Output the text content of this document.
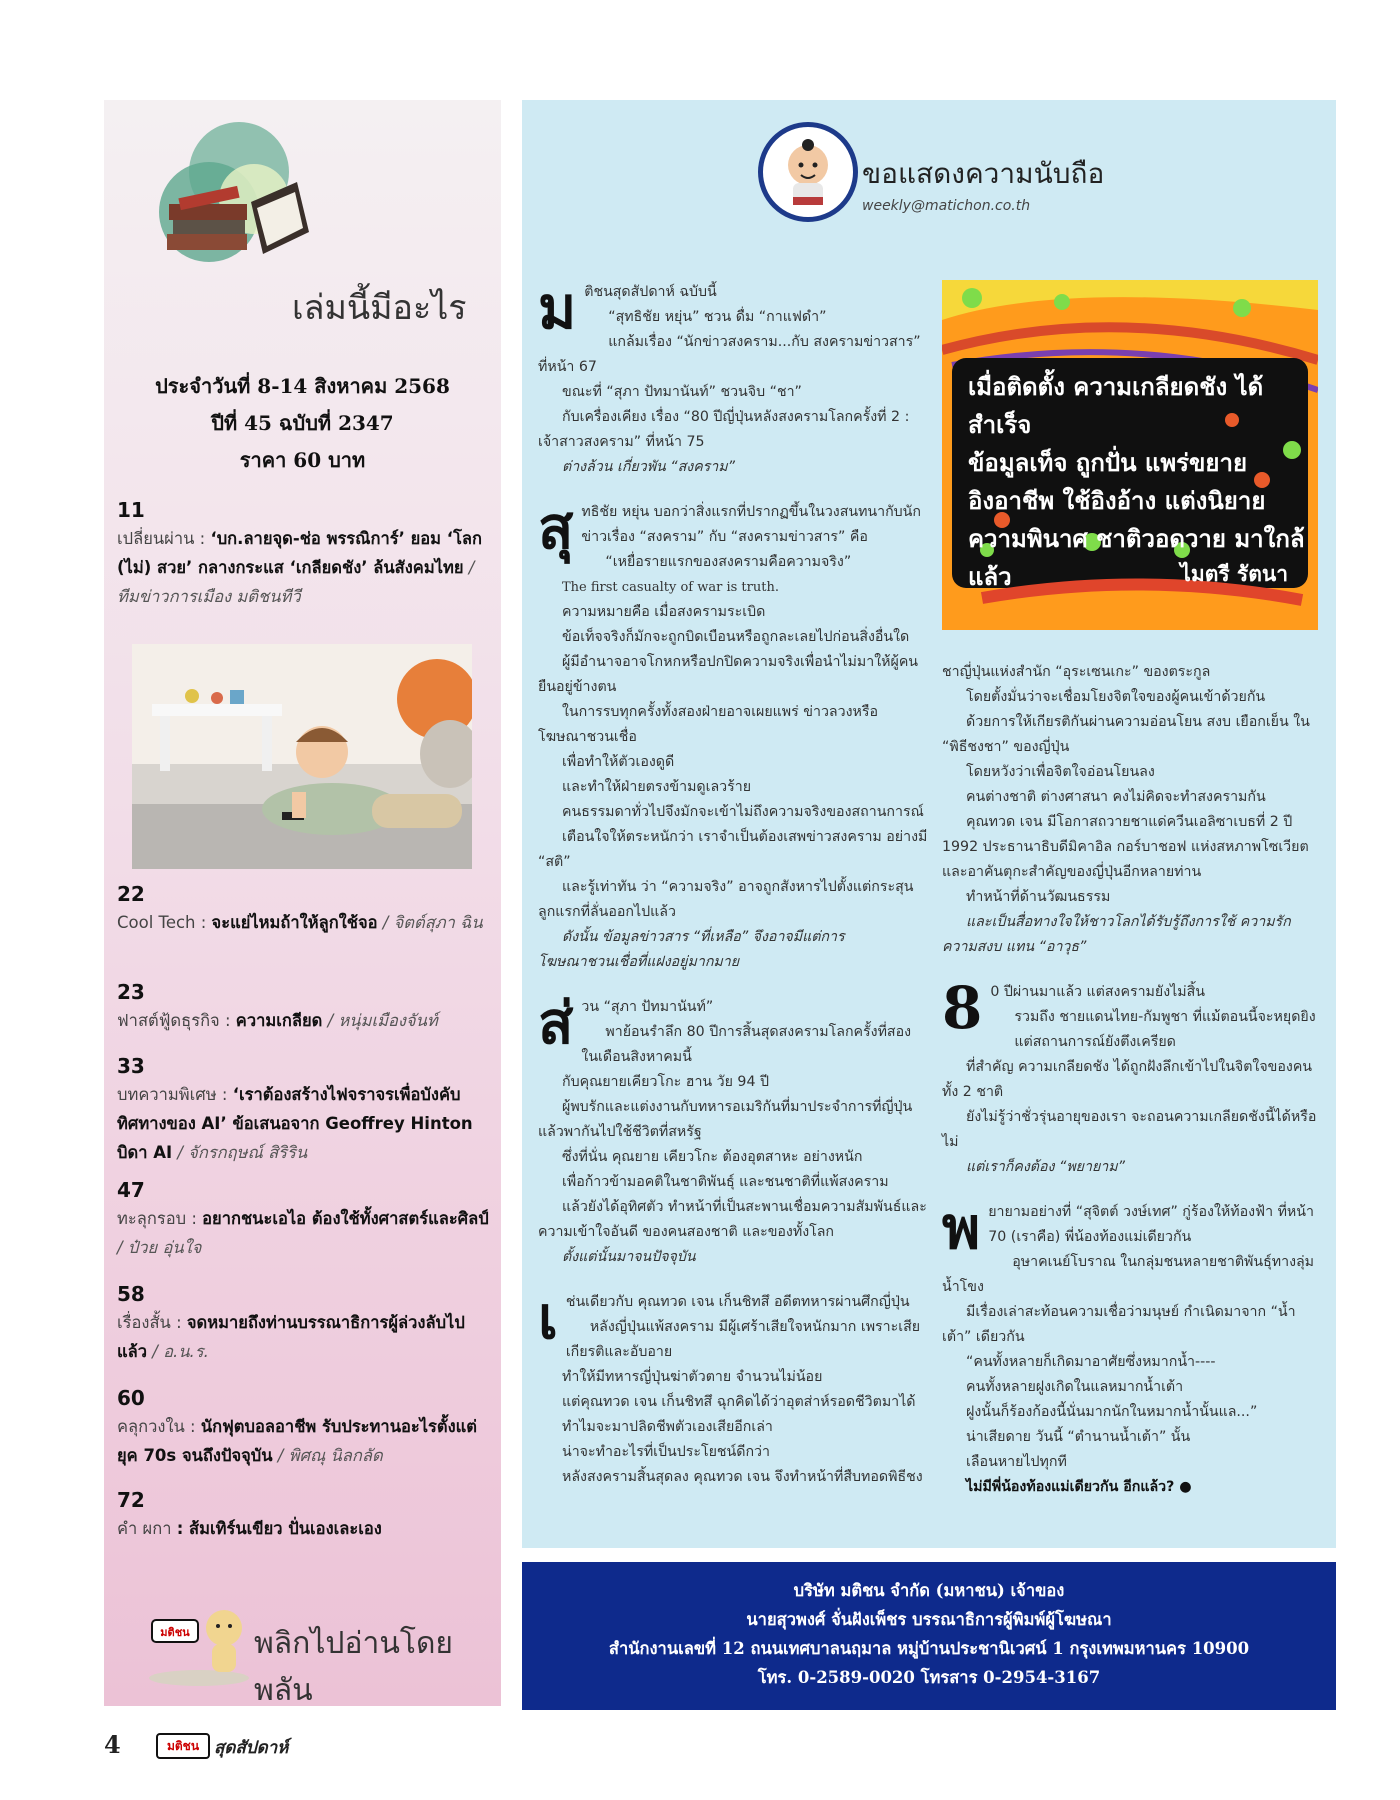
เล่มนี้มีอะไร
ประจำวันที่ 8-14 สิงหาคม 2568
ปีที่ 45 ฉบับที่ 2347
ราคา 60 บาท
11
เปลี่ยนผ่าน : ‘บก.ลายจุด-ช่อ พรรณิการ์’ ยอม ‘โลก (ไม่) สวย’ กลางกระแส ‘เกลียดชัง’ ล้นสังคมไทย / ทีมข่าวการเมือง มติชนทีวี
22
Cool Tech : จะแย่ไหมถ้าให้ลูกใช้จอ / จิตต์สุภา ฉิน
23
ฟาสต์ฟู้ดธุรกิจ : ความเกลียด / หนุ่มเมืองจันท์
33
บทความพิเศษ : ‘เราต้องสร้างไฟจราจรเพื่อบังคับทิศทางของ AI’ ข้อเสนอจาก Geoffrey Hinton บิดา AI / จักรกฤษณ์ สิริริน
47
ทะลุกรอบ : อยากชนะเอไอ ต้องใช้ทั้งศาสตร์และศิลป์ / ป๋วย อุ่นใจ
58
เรื่องสั้น : จดหมายถึงท่านบรรณาธิการผู้ล่วงลับไปแล้ว / อ.น.ร.
60
คลุกวงใน : นักฟุตบอลอาชีพ รับประทานอะไรตั้งแต่ยุค 70s จนถึงปัจจุบัน / พิศณุ นิลกลัด
72
คำ ผกา : ส้มเทิร์นเขียว ปั่นเองเละเอง
มติชน พลิกไปอ่านโดยพลัน
ขอแสดงความนับถือ
weekly@matichon.co.th
ม ติชนสุดสัปดาห์ ฉบับนี้

“สุทธิชัย หยุ่น” ชวน ดื่ม “กาแฟดำ”

แกล้มเรื่อง “นักข่าวสงคราม...กับ สงครามข่าวสาร” ที่หน้า 67

ขณะที่ “สุภา ปัทมานันท์” ชวนจิบ “ชา”

กับเครื่องเคียง เรื่อง “80 ปีญี่ปุ่นหลังสงครามโลกครั้งที่ 2 : เจ้าสาวสงคราม” ที่หน้า 75

ต่างล้วน เกี่ยวพัน “สงคราม”

สุ ทธิชัย หยุ่น บอกว่าสิ่งแรกที่ปรากฏขึ้นในวงสนทนากับนักข่าวเรื่อง “สงคราม” กับ “สงครามข่าวสาร” คือ

“เหยื่อรายแรกของสงครามคือความจริง”

The first casualty of war is truth.

ความหมายคือ เมื่อสงครามระเบิด

ข้อเท็จจริงก็มักจะถูกบิดเบือนหรือถูกละเลยไปก่อนสิ่งอื่นใด

ผู้มีอำนาจอาจโกหกหรือปกปิดความจริงเพื่อนำไม่มาให้ผู้คนยืนอยู่ข้างตน

ในการรบทุกครั้งทั้งสองฝ่ายอาจเผยแพร่ ข่าวลวงหรือโฆษณาชวนเชื่อ

เพื่อทำให้ตัวเองดูดี

และทำให้ฝ่ายตรงข้ามดูเลวร้าย

คนธรรมดาทั่วไปจึงมักจะเข้าไม่ถึงความจริงของสถานการณ์

เตือนใจให้ตระหนักว่า เราจำเป็นต้องเสพข่าวสงคราม อย่างมี “สติ”

และรู้เท่าทัน ว่า “ความจริง” อาจถูกสังหารไปตั้งแต่กระสุนลูกแรกที่ลั่นออกไปแล้ว

ดังนั้น ข้อมูลข่าวสาร “ที่เหลือ” จึงอาจมีแต่การโฆษณาชวนเชื่อที่แฝงอยู่มากมาย

ส่ วน “สุภา ปัทมานันท์”

พาย้อนรำลึก 80 ปีการสิ้นสุดสงครามโลกครั้งที่สอง ในเดือนสิงหาคมนี้

กับคุณยายเคียวโกะ ฮาน วัย 94 ปี

ผู้พบรักและแต่งงานกับทหารอเมริกันที่มาประจำการที่ญี่ปุ่นแล้วพากันไปใช้ชีวิตที่สหรัฐ

ซึ่งที่นั่น คุณยาย เคียวโกะ ต้องอุตสาหะ อย่างหนัก

เพื่อก้าวข้ามอคติในชาติพันธุ์ และชนชาติที่แพ้สงคราม

แล้วยังได้อุทิศตัว ทำหน้าที่เป็นสะพานเชื่อมความสัมพันธ์และความเข้าใจอันดี ของคนสองชาติ และของทั้งโลก

ตั้งแต่นั้นมาจนปัจจุบัน

เ ช่นเดียวกับ คุณทวด เจน เก็นชิทสึ อดีตทหารผ่านศึกญี่ปุ่น

หลังญี่ปุ่นแพ้สงคราม มีผู้เศร้าเสียใจหนักมาก เพราะเสียเกียรติและอับอาย

ทำให้มีทหารญี่ปุ่นฆ่าตัวตาย จำนวนไม่น้อย

แต่คุณทวด เจน เก็นชิทสึ ฉุกคิดได้ว่าอุตส่าห์รอดชีวิตมาได้

ทำไมจะมาปลิดชีพตัวเองเสียอีกเล่า

น่าจะทำอะไรที่เป็นประโยชน์ดีกว่า

หลังสงครามสิ้นสุดลง คุณทวด เจน จึงทำหน้าที่สืบทอดพิธีชง

เมื่อติดตั้ง ความเกลียดชัง ได้สำเร็จ
ข้อมูลเท็จ ถูกปั่น แพร่ขยาย
อิงอาชีพ ใช้อิงอ้าง แต่งนิยาย
ความพินาศ ชาติวอดวาย มาใกล้แล้ว	ไมตรี รัตนา

ชาญี่ปุ่นแห่งสำนัก “อุระเซนเกะ” ของตระกูล

โดยตั้งมั่นว่าจะเชื่อมโยงจิตใจของผู้คนเข้าด้วยกัน

ด้วยการให้เกียรติกันผ่านความอ่อนโยน สงบ เยือกเย็น ใน “พิธีชงชา” ของญี่ปุ่น

โดยหวังว่าเพื่อจิตใจอ่อนโยนลง

คนต่างชาติ ต่างศาสนา คงไม่คิดจะทำสงครามกัน

คุณทวด เจน มีโอกาสถวายชาแด่ควีนเอลิซาเบธที่ 2 ปี 1992 ประธานาธิบดีมิคาอิล กอร์บาชอฟ แห่งสหภาพโซเวียต และอาคันตุกะสำคัญของญี่ปุ่นอีกหลายท่าน

ทำหน้าที่ด้านวัฒนธรรม

และเป็นสื่อทางใจให้ชาวโลกได้รับรู้ถึงการใช้ ความรัก ความสงบ แทน “อาวุธ”

8 0 ปีผ่านมาแล้ว แต่สงครามยังไม่สิ้น

รวมถึง ชายแดนไทย-กัมพูชา ที่แม้ตอนนี้จะหยุดยิง

แต่สถานการณ์ยังตึงเครียด

ที่สำคัญ ความเกลียดชัง ได้ถูกฝังลึกเข้าไปในจิตใจของคนทั้ง 2 ชาติ

ยังไม่รู้ว่าชั่วรุ่นอายุของเรา จะถอนความเกลียดชังนี้ได้หรือไม่

แต่เราก็คงต้อง “พยายาม”

พ ยายามอย่างที่ “สุจิตต์ วงษ์เทศ” กู่ร้องให้ท้องฟ้า ที่หน้า 70 (เราคือ) พี่น้องท้องแม่เดียวกัน

อุษาคเนย์โบราณ ในกลุ่มชนหลายชาติพันธุ์ทางลุ่มน้ำโขง

มีเรื่องเล่าสะท้อนความเชื่อว่ามนุษย์ กำเนิดมาจาก “น้ำเต้า” เดียวกัน

“คนทั้งหลายก็เกิดมาอาศัยซึ่งหมากน้ำ----

คนทั้งหลายฝูงเกิดในแลหมากน้ำเต้า

ฝูงนั้นก็ร้องก้องนี้นั่นมากนักในหมากน้ำนั้นแล...”

น่าเสียดาย วันนี้ “ตำนานน้ำเต้า” นั้น

เลือนหายไปทุกที

ไม่มีพี่น้องท้องแม่เดียวกัน อีกแล้ว? ●

บริษัท มติชน จำกัด (มหาชน) เจ้าของ
นายสุวพงศ์ จั่นฝังเพ็ชร บรรณาธิการผู้พิมพ์ผู้โฆษณา
สำนักงานเลขที่ 12 ถนนเทศบาลนฤมาล หมู่บ้านประชานิเวศน์ 1 กรุงเทพมหานคร 10900
โทร. 0-2589-0020 โทรสาร 0-2954-3167
4	มติชน สุดสัปดาห์
